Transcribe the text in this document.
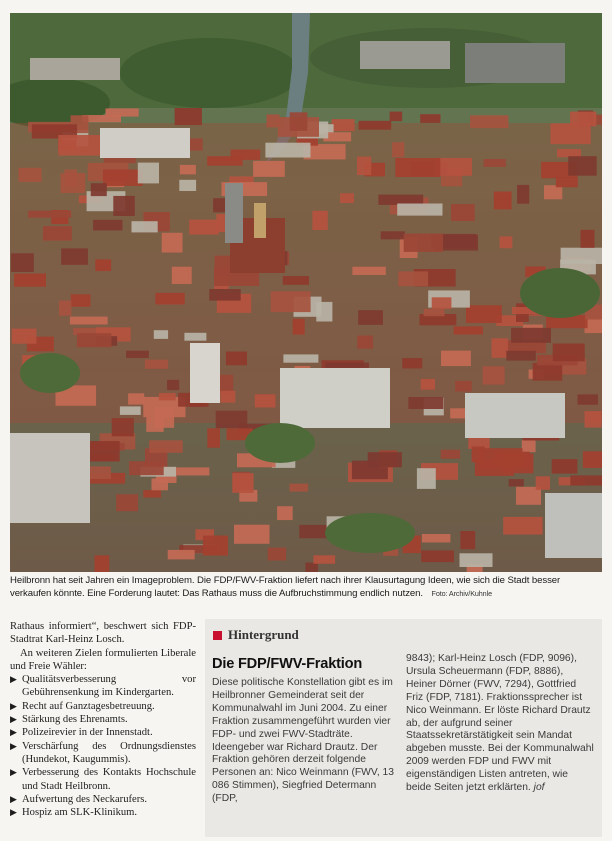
Heilbronn hat seit Jahren ein Imageproblem. Die FDP/FWV-Fraktion liefert nach ihrer Klausurtagung Ideen, wie sich die Stadt besser verkaufen könnte. Eine Forderung lautet: Das Rathaus muss die Aufbruchstimmung endlich nutzen. Foto: Archiv/Kuhnle

Rathaus informiert“, beschwert sich FDP-Stadtrat Karl-Heinz Losch.

An weiteren Zielen formulierten Liberale und Freie Wähler:

▶ Qualitätsverbesserung vor Gebührensenkung im Kindergarten.
▶ Recht auf Ganztagesbetreuung.
▶ Stärkung des Ehrenamts.
▶ Polizeirevier in der Innenstadt.
▶ Verschärfung des Ordnungsdienstes (Hundekot, Kaugummis).
▶ Verbesserung des Kontakts Hochschule und Stadt Heilbronn.
▶ Aufwertung des Neckarufers.
▶ Hospiz am SLK-Klinikum.
Hintergrund
Die FDP/FWV-Fraktion

Diese politische Konstellation gibt es im Heilbronner Gemeinderat seit der Kommunalwahl im Juni 2004. Zu einer Fraktion zusammengeführt wurden vier FDP- und zwei FWV-Stadträte. Ideengeber war Richard Drautz. Der Fraktion gehören derzeit folgende Personen an: Nico Weinmann (FWV, 13 086 Stimmen), Siegfried Determann (FDP,

9843); Karl-Heinz Losch (FDP, 9096), Ursula Scheuermann (FDP, 8886), Heiner Dörner (FWV, 7294), Gottfried Friz (FDP, 7181). Fraktionssprecher ist Nico Weinmann. Er löste Richard Drautz ab, der aufgrund seiner Staatssekretärstätigkeit sein Mandat abgeben musste. Bei der Kommunalwahl 2009 werden FDP und FWV mit eigenständigen Listen antreten, wie beide Seiten jetzt erklärten. jof
